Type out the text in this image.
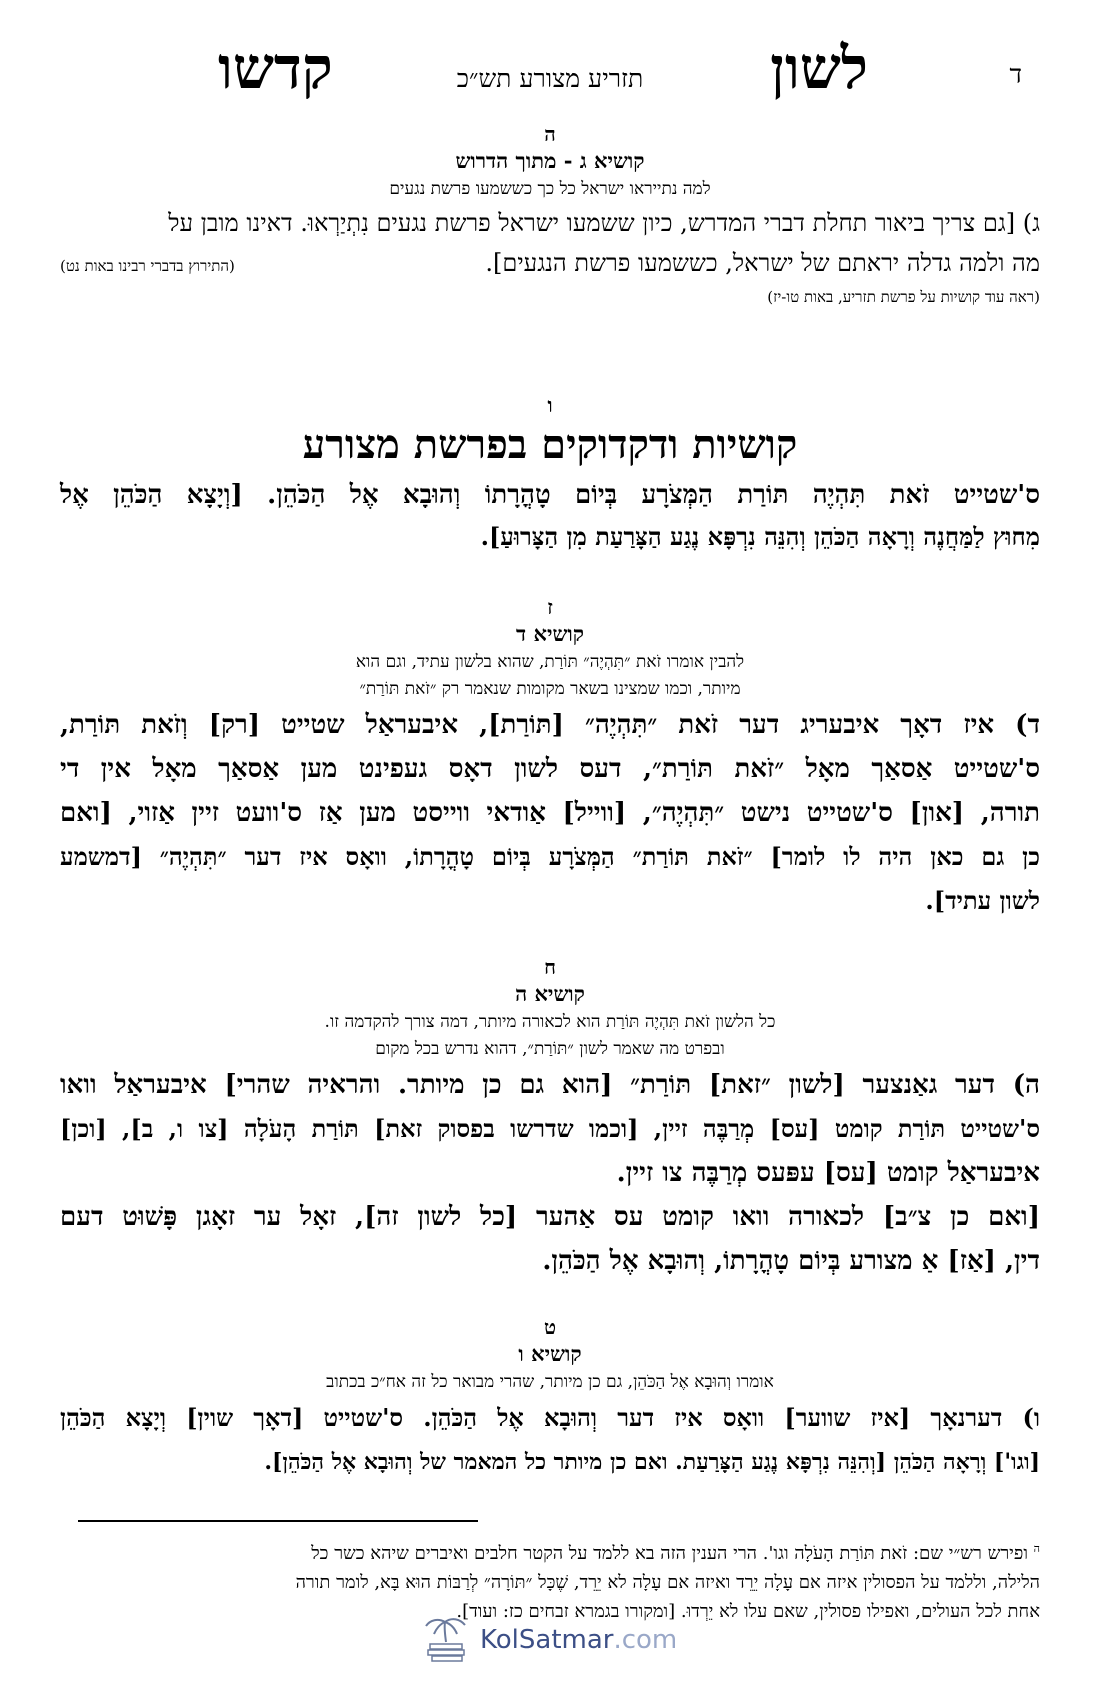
ד
לשון
תזריע מצורע תש״כ
קדשו
ה
קושיא ג - מתוך הדרוש
למה נתייראו ישראל כל כך כששמעו פרשת נגעים
ג) [גם צריך ביאור תחלת דברי המדרש, כיון ששמעו ישראל פרשת נגעים נִתְיַרְאוּ. דאינו מובן על
מה ולמה גדלה יראתם של ישראל, כששמעו פרשת הנגעים].
(התירוץ בדברי רבינו באות נט)
(ראה עוד קושיות על פרשת תזריע, באות טו-יז)
ו
קושיות ודקדוקים בפרשת מצורע
ס'שטייט זֹאת תִּהְיֶה תּוֹרַת הַמְּצֹרָע בְּיוֹם טָהֳרָתוֹ וְהוּבָא אֶל הַכֹּהֵן. [וְיָצָא הַכֹּהֵן אֶל
מִחוּץ לַמַּחֲנֶה וְרָאָה הַכֹּהֵן וְהִנֵּה נִרְפָּא נֶגַע הַצָּרַעַת מִן הַצָּרוּעַ].
ז
קושיא ד
להבין אומרו זֹאת ״תִּהְיֶה״ תּוֹרַת, שהוא בלשון עתיד, וגם הוא
מיותר, וכמו שמצינו בשאר מקומות שנאמר רק ״זֹאת תּוֹרַת״
ד) איז דאָך איבעריג דער זֹאת ״תִּהְיֶה״ [תּוֹרַת], איבעראַל שטייט [רק] וְזֹאת תּוֹרַת,
ס'שטייט אַסאַך מאָל ״זֹאת תּוֹרַת״, דעס לשון דאָס געפינט מען אַסאַך מאָל אין די
תורה, [און] ס'שטייט נישט ״תִּהְיֶה״, [ווייל] אַודאי ווייסט מען אַז ס'וועט זיין אַזוי, [ואם
כן גם כאן היה לו לומר] ״זֹאת תּוֹרַת״ הַמְּצֹרָע בְּיוֹם טָהֳרָתוֹ, וואָס איז דער ״תִּהְיֶה״ [דמשמע
לשון עתיד].
ח
קושיא ה
כל הלשון זֹאת תִּהְיֶה תּוֹרַת הוא לכאורה מיותר, דמה צורך להקדמה זו.
ובפרט מה שאמר לשון ״תּוֹרַת״, דהוא נדרש בכל מקום
ה) דער גאַנצער [לשון ״זאת] תּוֹרַת״ [הוא גם כן מיותר. והראיה שהרי] איבעראַל וואו
ס'שטייט תּוֹרַת קומט [עס] מְרַבֶּה זיין, [וכמו שדרשו בפסוק זאת] תּוֹרַת הָעֹלָה [צו ו, ב], [וכן]
איבעראַל קומט [עס] עפּעס מְרַבֶּה צו זיין.
[ואם כן צ״ב] לכאורה וואו קומט עס אַהער [כל לשון זה], זאָל ער זאָגן פָּשׁוּט דעם
דין, [אַז] אַ מצורע בְּיוֹם טָהֳרָתוֹ, וְהוּבָא אֶל הַכֹּהֵן.
ט
קושיא ו
אומרו וְהוּבָא אֶל הַכֹּהֵן, גם כן מיותר, שהרי מבואר כל זה אח״כ בכתוב
ו) דערנאָך [איז שווער] וואָס איז דער וְהוּבָא אֶל הַכֹּהֵן. ס'שטייט [דאָך שוין] וְיָצָא הַכֹּהֵן
[וגו'] וְרָאָה הַכֹּהֵן [וְהִנֵּה נִרְפָּא נֶגַע הַצָּרַעַת. ואם כן מיותר כל המאמר של וְהוּבָא אֶל הַכֹּהֵן].
$^ה$ ופירש רש״י שם: זֹאת תּוֹרַת הָעֹלָה וגו'. הרי הענין הזה בא ללמד על הקטר חלבים ואיברים שיהא כשר כל
הלילה, וללמד על הפסולין איזה אם עָלָה יֵרֵד ואיזה אם עָלָה לא יֵרֵד, שֶׁכָּל ״תּוֹרָה״ לְרַבּוֹת הוּא בָּא, לומר תורה
אחת לכל העולים, ואפילו פסולין, שאם עלו לא יֵרְדוּ. [ומקורו בגמרא זבחים כז: ועוד].
KolSatmar .com
